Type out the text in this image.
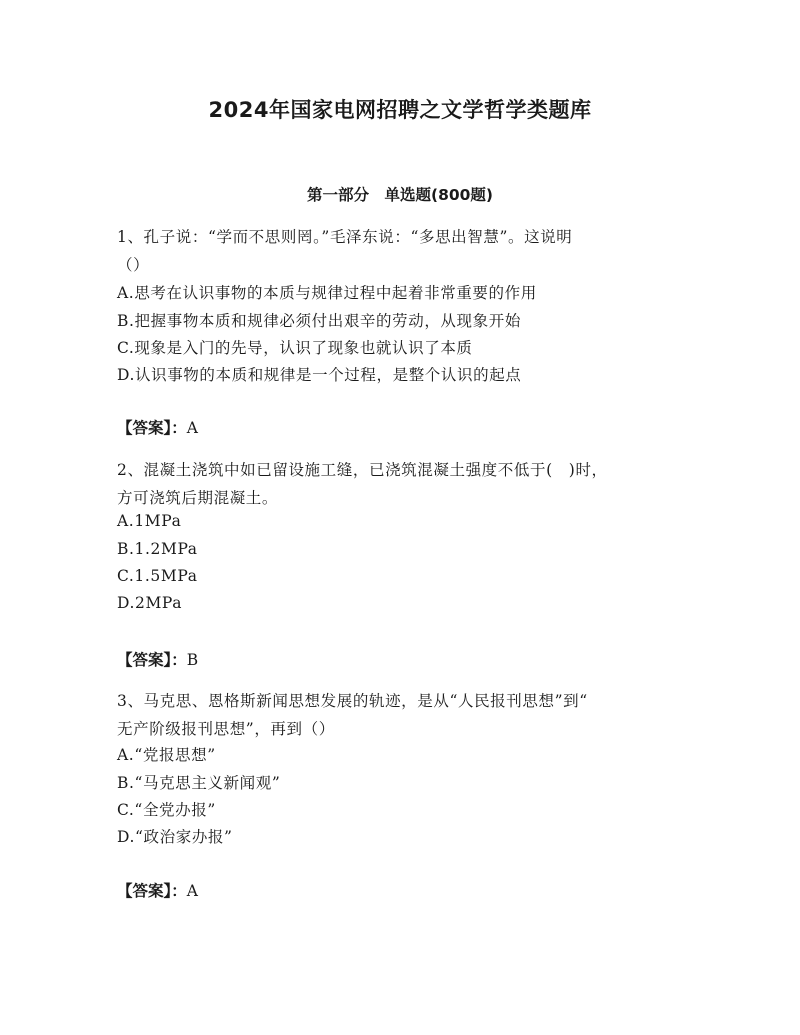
2024年国家电网招聘之文学哲学类题库
第一部分　单选题(800题)
1、孔子说：“学而不思则罔。”毛泽东说：“多思出智慧”。这说明
（）
A.思考在认识事物的本质与规律过程中起着非常重要的作用
B.把握事物本质和规律必须付出艰辛的劳动，从现象开始
C.现象是入门的先导，认识了现象也就认识了本质
D.认识事物的本质和规律是一个过程，是整个认识的起点
【答案】：A
2、混凝土浇筑中如已留设施工缝，已浇筑混凝土强度不低于(　)时，
方可浇筑后期混凝土。
A.1MPa
B.1.2MPa
C.1.5MPa
D.2MPa
【答案】：B
3、马克思、恩格斯新闻思想发展的轨迹，是从“人民报刊思想”到“
无产阶级报刊思想”，再到（）
A.“党报思想”
B.“马克思主义新闻观”
C.“全党办报”
D.“政治家办报”
【答案】：A
